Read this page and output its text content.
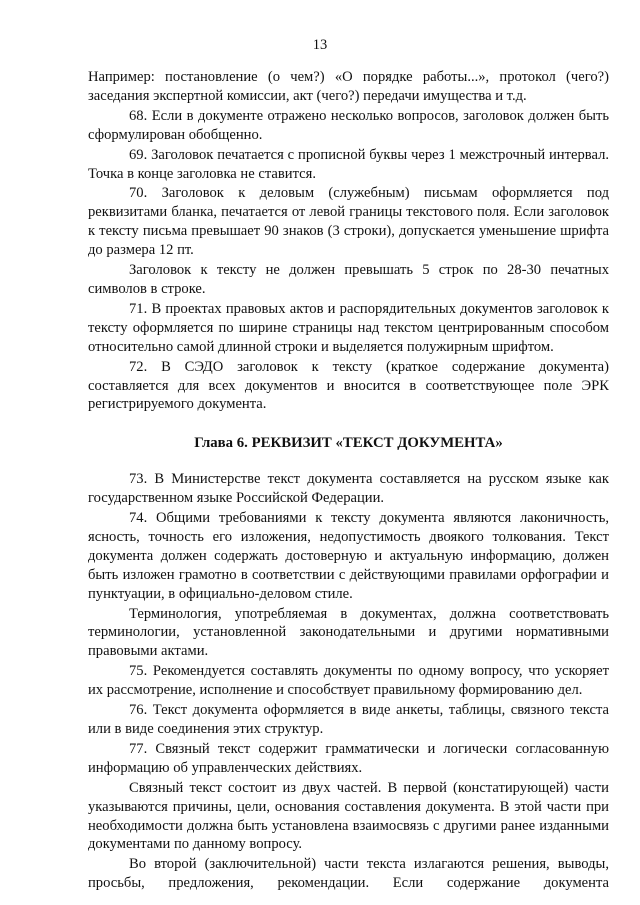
13

Например: постановление (о чем?) «О порядке работы...», протокол (чего?) заседания экспертной комиссии, акт (чего?) передачи имущества и т.д.

68. Если в документе отражено несколько вопросов, заголовок должен быть сформулирован обобщенно.

69. Заголовок печатается с прописной буквы через 1 межстрочный интервал. Точка в конце заголовка не ставится.

70. Заголовок к деловым (служебным) письмам оформляется под реквизитами бланка, печатается от левой границы текстового поля. Если заголовок к тексту письма превышает 90 знаков (3 строки), допускается уменьшение шрифта до размера 12 пт.

Заголовок к тексту не должен превышать 5 строк по 28-30 печатных символов в строке.

71. В проектах правовых актов и распорядительных документов заголовок к тексту оформляется по ширине страницы над текстом центрированным способом относительно самой длинной строки и выделяется полужирным шрифтом.

72. В СЭДО заголовок к тексту (краткое содержание документа) составляется для всех документов и вносится в соответствующее поле ЭРК регистрируемого документа.

Глава 6. РЕКВИЗИТ «ТЕКСТ ДОКУМЕНТА»

73. В Министерстве текст документа составляется на русском языке как государственном языке Российской Федерации.

74. Общими требованиями к тексту документа являются лаконичность, ясность, точность его изложения, недопустимость двоякого толкования. Текст документа должен содержать достоверную и актуальную информацию, должен быть изложен грамотно в соответствии с действующими правилами орфографии и пунктуации, в официально-деловом стиле.

Терминология, употребляемая в документах, должна соответствовать терминологии, установленной законодательными и другими нормативными правовыми актами.

75. Рекомендуется составлять документы по одному вопросу, что ускоряет их рассмотрение, исполнение и способствует правильному формированию дел.

76. Текст документа оформляется в виде анкеты, таблицы, связного текста или в виде соединения этих структур.

77. Связный текст содержит грамматически и логически согласованную информацию об управленческих действиях.

Связный текст состоит из двух частей. В первой (констатирующей) части указываются причины, цели, основания составления документа. В этой части при необходимости должна быть установлена взаимосвязь с другими ранее изданными документами по данному вопросу.

Во второй (заключительной) части текста излагаются решения, выводы, просьбы, предложения, рекомендации. Если содержание документа
